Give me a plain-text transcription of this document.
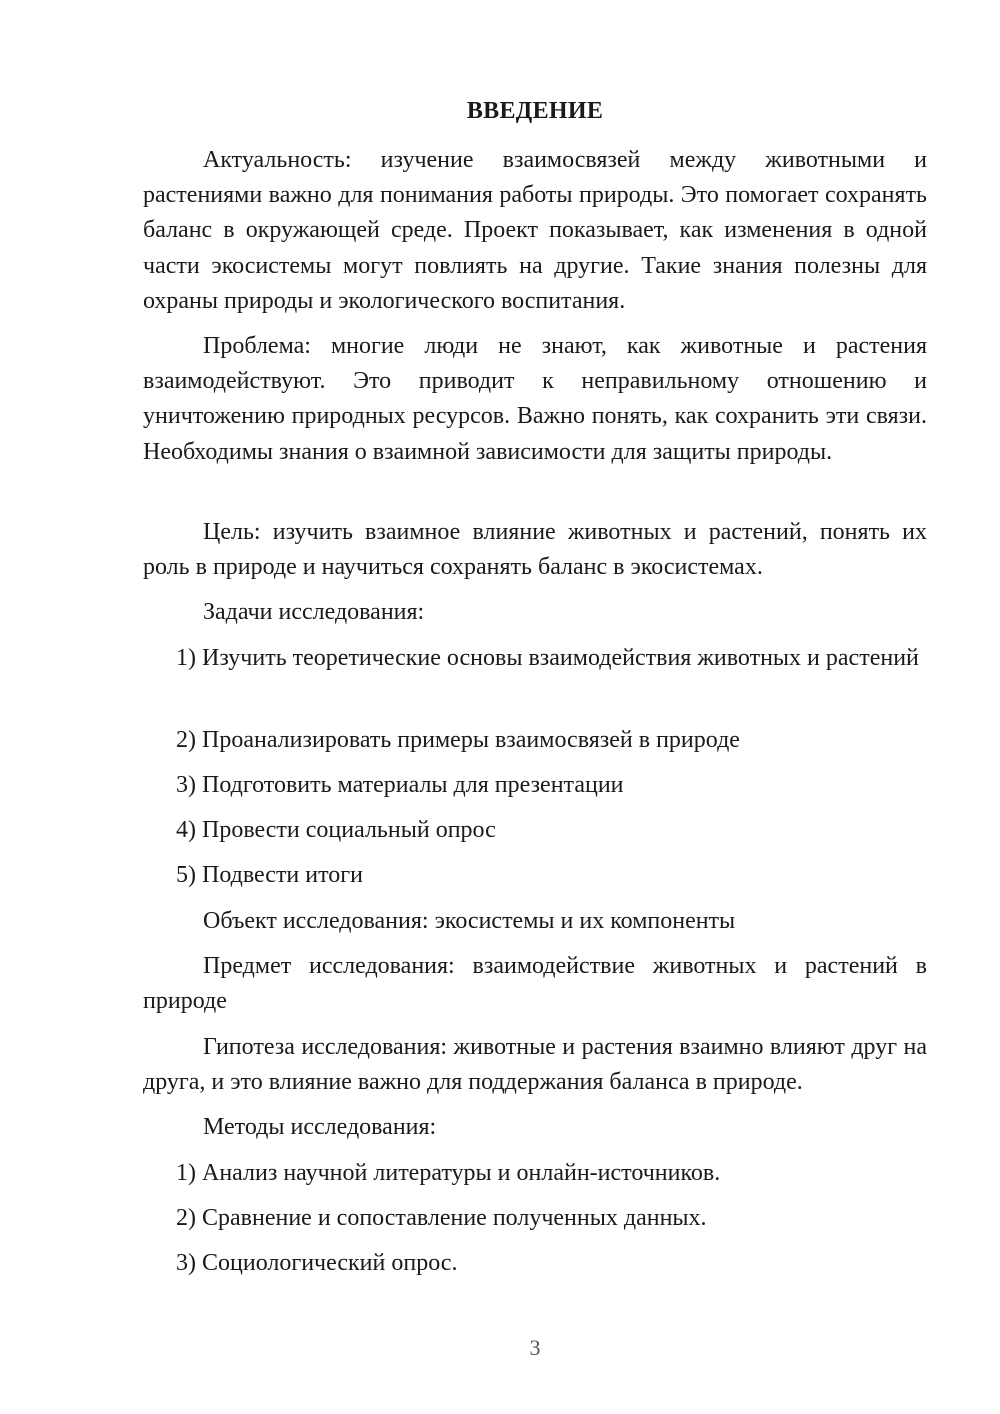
ВВЕДЕНИЕ

Актуальность: изучение взаимосвязей между животными и растениями важно для понимания работы природы. Это помогает сохранять баланс в окружающей среде. Проект показывает, как изменения в одной части экосистемы могут повлиять на другие. Такие знания полезны для охраны природы и экологического воспитания.

Проблема: многие люди не знают, как животные и растения взаимодействуют. Это приводит к неправильному отношению и уничтожению природных ресурсов. Важно понять, как сохранить эти связи. Необходимы знания о взаимной зависимости для защиты природы.

Цель: изучить взаимное влияние животных и растений, понять их роль в природе и научиться сохранять баланс в экосистемах.

Задачи исследования:

1) Изучить теоретические основы взаимодействия животных и растений

2) Проанализировать примеры взаимосвязей в природе

3) Подготовить материалы для презентации

4) Провести социальный опрос

5) Подвести итоги

Объект исследования: экосистемы и их компоненты

Предмет исследования: взаимодействие животных и растений в природе

Гипотеза исследования: животные и растения взаимно влияют друг на друга, и это влияние важно для поддержания баланса в природе.

Методы исследования:

1) Анализ научной литературы и онлайн-источников.

2) Сравнение и сопоставление полученных данных.

3) Социологический опрос.

3
